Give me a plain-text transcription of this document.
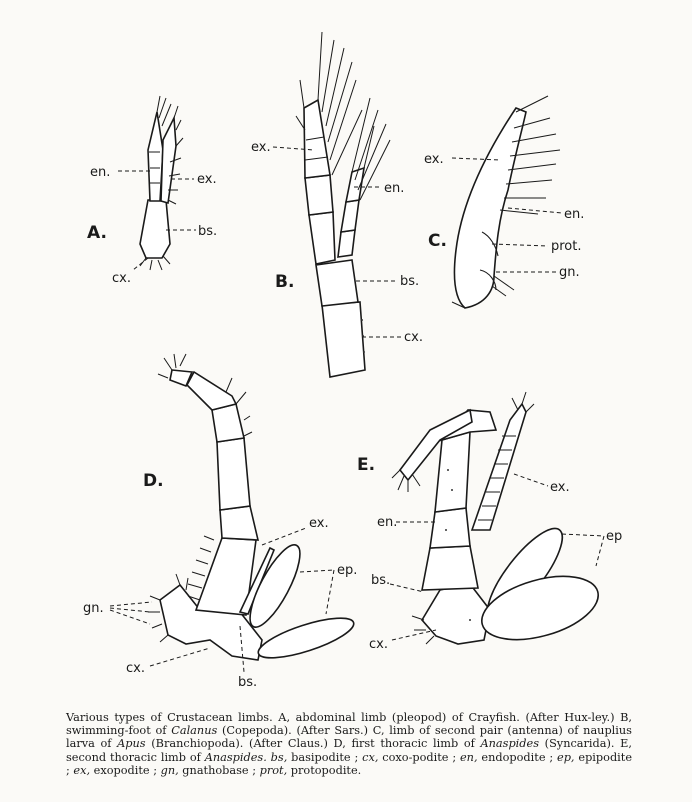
A.
en.	ex.
bs.
cx.	B.
ex.
en.
bs.
cx.
C.
ex.
en.
prot.
gn.
D.
ex.
ep.
gn.
cx.
bs.
E.
ex.
en.
ep
bs.
cx.

Various types of Crustacean limbs. A, abdominal limb (pleopod) of Crayfish. (After Hux-ley.) B, swimming-foot of Calanus (Copepoda). (After Sars.) C, limb of second pair (antenna) of nauplius larva of Apus (Branchiopoda). (After Claus.) D, first thoracic limb of Anaspides (Syncarida). E, second thoracic limb of Anaspides. bs, basipodite ; cx, coxo-podite ; en, endopodite ; ep, epipodite ; ex, exopodite ; gn, gnathobase ; prot, protopodite.
